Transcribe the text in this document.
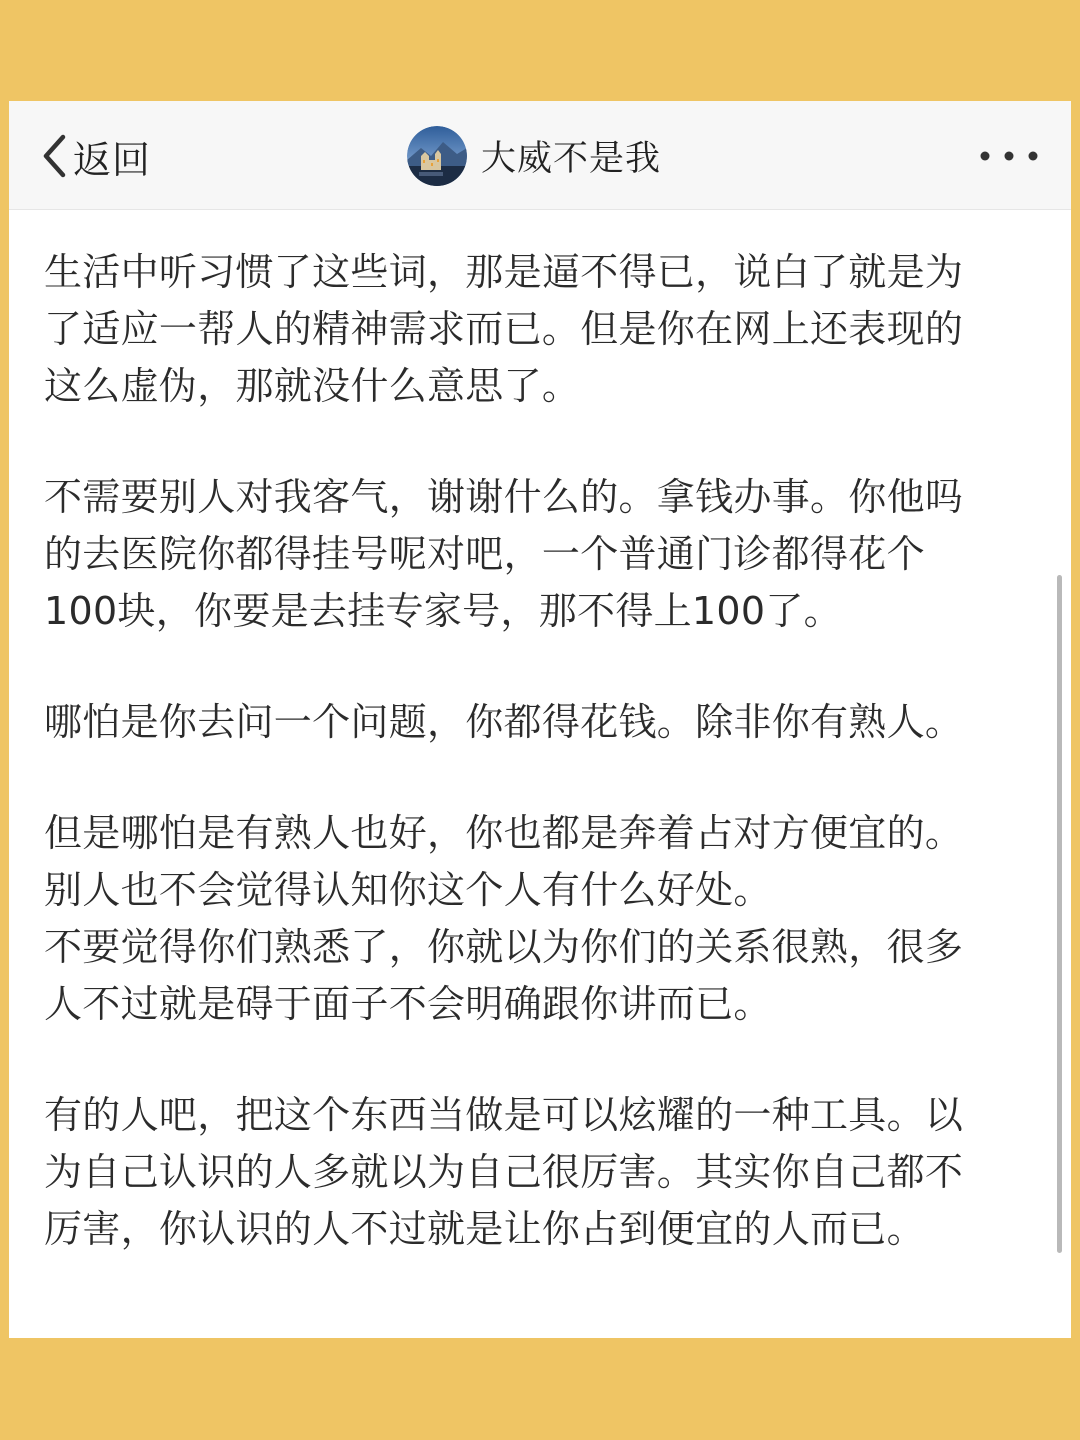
返回	大威不是我
生活中听习惯了这些词，那是逼不得已，说白了就是为
了适应一帮人的精神需求而已。但是你在网上还表现的
这么虚伪，那就没什么意思了。
不需要别人对我客气，谢谢什么的。拿钱办事。你他吗
的去医院你都得挂号呢对吧，一个普通门诊都得花个
100块，你要是去挂专家号，那不得上100了。
哪怕是你去问一个问题，你都得花钱。除非你有熟人。
但是哪怕是有熟人也好，你也都是奔着占对方便宜的。
别人也不会觉得认知你这个人有什么好处。
不要觉得你们熟悉了，你就以为你们的关系很熟，很多
人不过就是碍于面子不会明确跟你讲而已。
有的人吧，把这个东西当做是可以炫耀的一种工具。以
为自己认识的人多就以为自己很厉害。其实你自己都不
厉害，你认识的人不过就是让你占到便宜的人而已。
